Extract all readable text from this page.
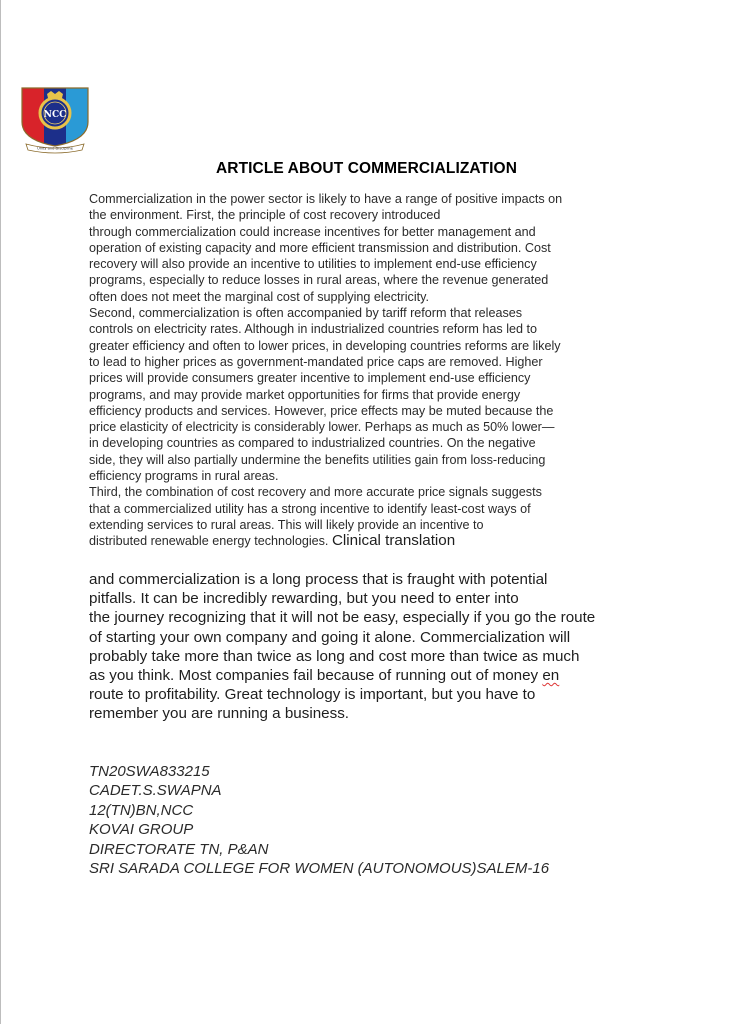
NCC
Unity and Discipline
ARTICLE ABOUT COMMERCIALIZATION
Commercialization in the power sector is likely to have a range of positive impacts on
the environment. First, the principle of cost recovery introduced
through commercialization could increase incentives for better management and
operation of existing capacity and more efficient transmission and distribution. Cost
recovery will also provide an incentive to utilities to implement end-use efficiency
programs, especially to reduce losses in rural areas, where the revenue generated
often does not meet the marginal cost of supplying electricity.
Second, commercialization is often accompanied by tariff reform that releases
controls on electricity rates. Although in industrialized countries reform has led to
greater efficiency and often to lower prices, in developing countries reforms are likely
to lead to higher prices as government-mandated price caps are removed. Higher
prices will provide consumers greater incentive to implement end-use efficiency
programs, and may provide market opportunities for firms that provide energy
efficiency products and services. However, price effects may be muted because the
price elasticity of electricity is considerably lower. Perhaps as much as 50% lower—
in developing countries as compared to industrialized countries. On the negative
side, they will also partially undermine the benefits utilities gain from loss-reducing
efficiency programs in rural areas.
Third, the combination of cost recovery and more accurate price signals suggests
that a commercialized utility has a strong incentive to identify least-cost ways of
extending services to rural areas. This will likely provide an incentive to
distributed renewable energy technologies. Clinical translation
and commercialization is a long process that is fraught with potential
pitfalls. It can be incredibly rewarding, but you need to enter into
the journey recognizing that it will not be easy, especially if you go the route
of starting your own company and going it alone. Commercialization will
probably take more than twice as long and cost more than twice as much
as you think. Most companies fail because of running out of money en
route to profitability. Great technology is important, but you have to
remember you are running a business.
TN20SWA833215
CADET.S.SWAPNA
12(TN)BN,NCC
KOVAI GROUP
DIRECTORATE TN, P&AN
SRI SARADA COLLEGE FOR WOMEN (AUTONOMOUS)SALEM-16
